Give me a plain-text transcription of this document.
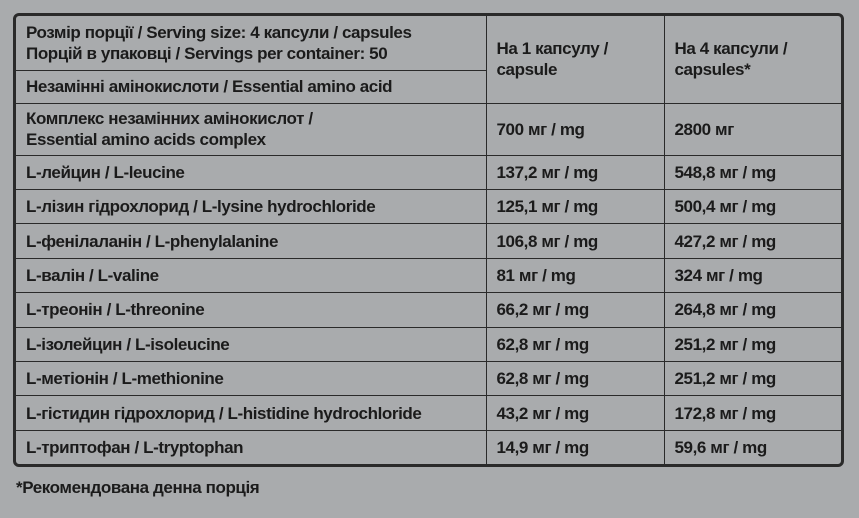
Розмір порції / Serving size: 4 капсули / capsules
Порцій в упаковці / Servings per container: 50	На 1 капсулу /
capsule	На 4 капсули /
capsules*

Незамінні амінокислоти / Essential amino acid		

Комплекс незамінних амінокислот /
Essential amino acids complex	700 мг / mg	2800 мг
L-лейцин / L-leucine	137,2 мг / mg	548,8 мг / mg
L-лізин гідрохлорид / L-lysine hydrochloride	125,1 мг / mg	500,4 мг / mg
L-фенілаланін / L-phenylalanine	106,8 мг / mg	427,2 мг / mg
L-валін / L-valine	81 мг / mg	324 мг / mg
L-треонін / L-threonine	66,2 мг / mg	264,8 мг / mg
L-ізолейцин / L-isoleucine	62,8 мг / mg	251,2 мг / mg
L-метіонін / L-methionine	62,8 мг / mg	251,2 мг / mg
L-гістидин гідрохлорид / L-histidine hydrochloride	43,2 мг / mg	172,8 мг / mg
L-триптофан / L-tryptophan	14,9 мг / mg	59,6 мг / mg
*Рекомендована денна порція
